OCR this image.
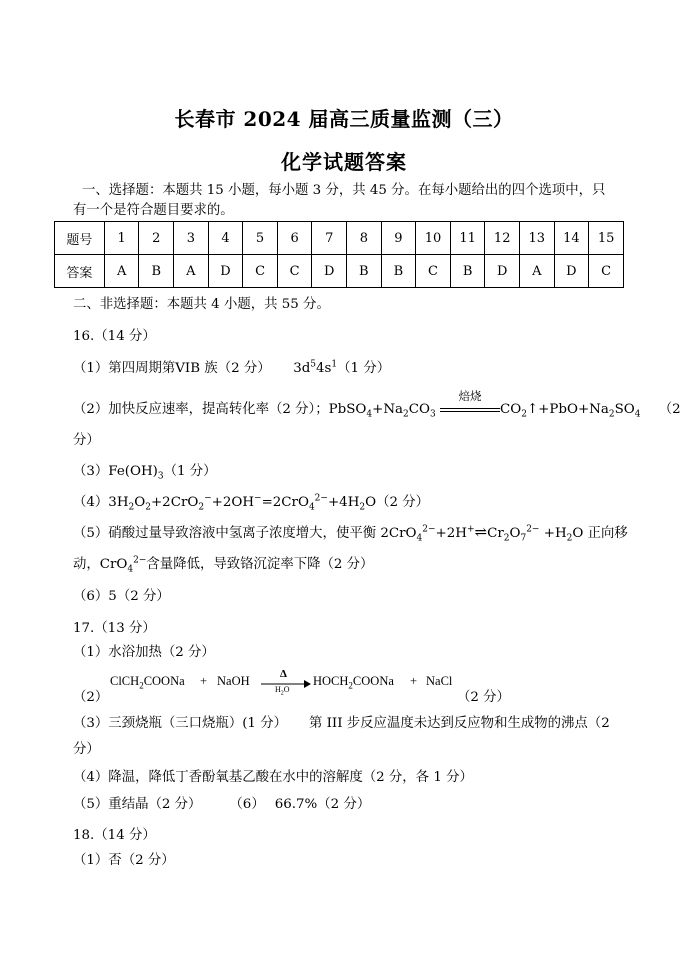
长春市 2024 届高三质量监测（三）
化学试题答案
一、选择题：本题共 15 小题，每小题 3 分，共 45 分。在每小题给出的四个选项中，只
有一个是符合题目要求的。
题号	1	2	3	4	5	6	7	8	9	10	11	12	13	14	15
答案	A	B	A	D	C	C	D	B	B	C	B	D	A	D	C
二、非选择题：本题共 4 小题，共 55 分。
16.（14 分）
（1）第四周期第VIB 族（2 分） $3d^54s^1(1$ 分）
（2）加快反应速率，提高转化率（2 分）；$PbSO_4+Na_2CO_3$
焙烧
$CO_2↑+PbO+Na_2SO_4$ （2
分）
$(3)Fe(OH)_3(1$ 分）
$(4)3H_2O_2+2CrO_2^-+2OH^-=2CrO_4^{2-}+4H_2O(2$ 分）
（5）硝酸过量导致溶液中氢离子浓度增大，使平衡 $2CrO_4^{2-}+2H^+\rightleftharpoons Cr_2O_7^{2-} +H_2O$ 正向移
动，CrO$_4^{2-}$含量降低，导致铬沉淀率下降（2 分）
（6）5（2 分）
17.（13 分）
（1）水浴加热（2 分）
（2）
ClCH$_2$COONa + NaOH	Δ
$H_2O$
$HOCH_2COONa$ + NaCl
（2 分）
（3）三颈烧瓶（三口烧瓶）(1 分） 第 III 步反应温度未达到反应物和生成物的沸点（2
分）
（4）降温，降低丁香酚氧基乙酸在水中的溶解度（2 分，各 1 分）
（5）重结晶（2 分） （6） 66.7%（2 分）
18.（14 分）
（1）否（2 分）
